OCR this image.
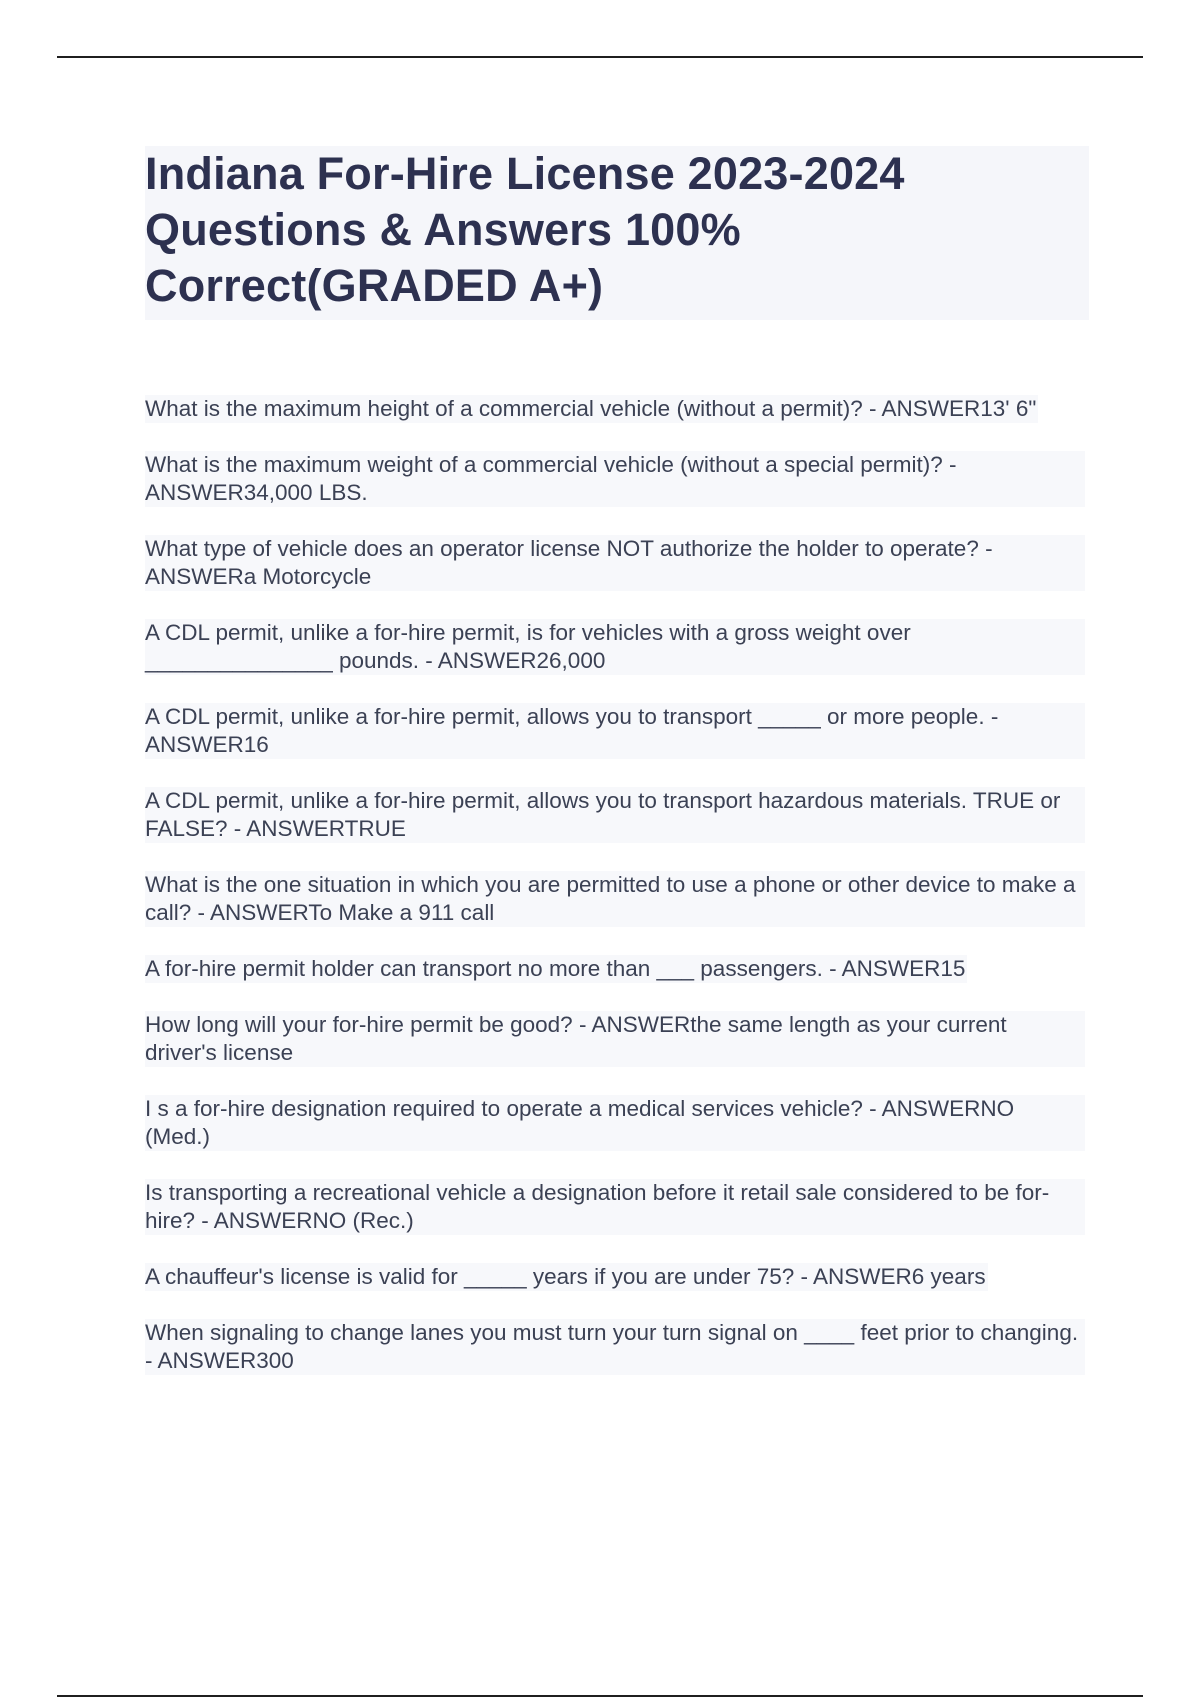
Indiana For-Hire License 2023-2024 Questions & Answers 100% Correct(GRADED A+)
What is the maximum height of a commercial vehicle (without a permit)? - ANSWER13' 6"
What is the maximum weight of a commercial vehicle (without a special permit)? - ANSWER34,000 LBS.
What type of vehicle does an operator license NOT authorize the holder to operate? - ANSWERa Motorcycle
A CDL permit, unlike a for-hire permit, is for vehicles with a gross weight over _______________ pounds. - ANSWER26,000
A CDL permit, unlike a for-hire permit, allows you to transport _____ or more people. - ANSWER16
A CDL permit, unlike a for-hire permit, allows you to transport hazardous materials. TRUE or FALSE? - ANSWERTRUE
What is the one situation in which you are permitted to use a phone or other device to make a call? - ANSWERTo Make a 911 call
A for-hire permit holder can transport no more than ___ passengers. - ANSWER15
How long will your for-hire permit be good? - ANSWERthe same length as your current driver's license
I s a for-hire designation required to operate a medical services vehicle? - ANSWERNO (Med.)
Is transporting a recreational vehicle a designation before it retail sale considered to be for-hire? - ANSWERNO (Rec.)
A chauffeur's license is valid for _____ years if you are under 75? - ANSWER6 years
When signaling to change lanes you must turn your turn signal on ____ feet prior to changing. - ANSWER300
